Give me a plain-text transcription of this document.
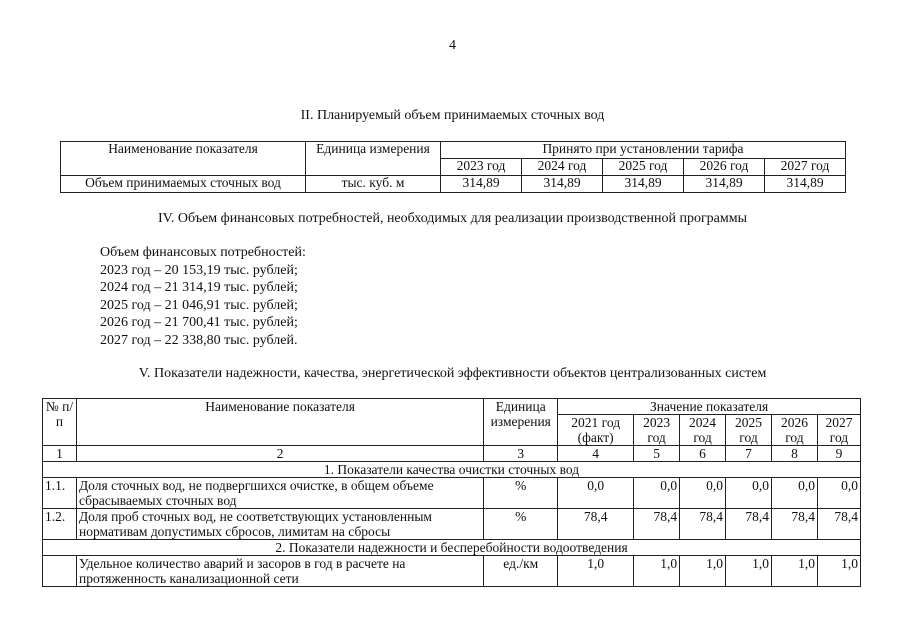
4
II. Планируемый объем принимаемых сточных вод
Наименование показателя	Единица измерения	Принято при установлении тарифа				
		2023 год	2024 год	2025 год	2026 год	2027 год
Объем принимаемых сточных вод	тыс. куб. м	314,89	314,89	314,89	314,89	314,89
IV. Объем финансовых потребностей, необходимых для реализации производственной программы
Объем финансовых потребностей:
2023 год – 20 153,19 тыс. рублей;
2024 год – 21 314,19 тыс. рублей;
2025 год – 21 046,91 тыс. рублей;
2026 год – 21 700,41 тыс. рублей;
2027 год – 22 338,80 тыс. рублей.
V. Показатели надежности, качества, энергетической эффективности объектов централизованных систем
№ п/п	Наименование показателя	Единица измерения	Значение показателя					
			2021 год (факт)	2023 год	2024 год	2025 год	2026 год	2027 год
1	2	3	4	5	6	7	8	9
1. Показатели качества очистки сточных вод								
1.1.	Доля сточных вод, не подвергшихся очистке, в общем объеме сбрасываемых сточных вод	%	0,0	0,0	0,0	0,0	0,0	0,0
1.2.	Доля проб сточных вод, не соответствующих установленным нормативам допустимых сбросов, лимитам на сбросы	%	78,4	78,4	78,4	78,4	78,4	78,4
2. Показатели надежности и бесперебойности водоотведения								
	Удельное количество аварий и засоров в год в расчете на протяженность канализационной сети	ед./км	1,0	1,0	1,0	1,0	1,0	1,0
